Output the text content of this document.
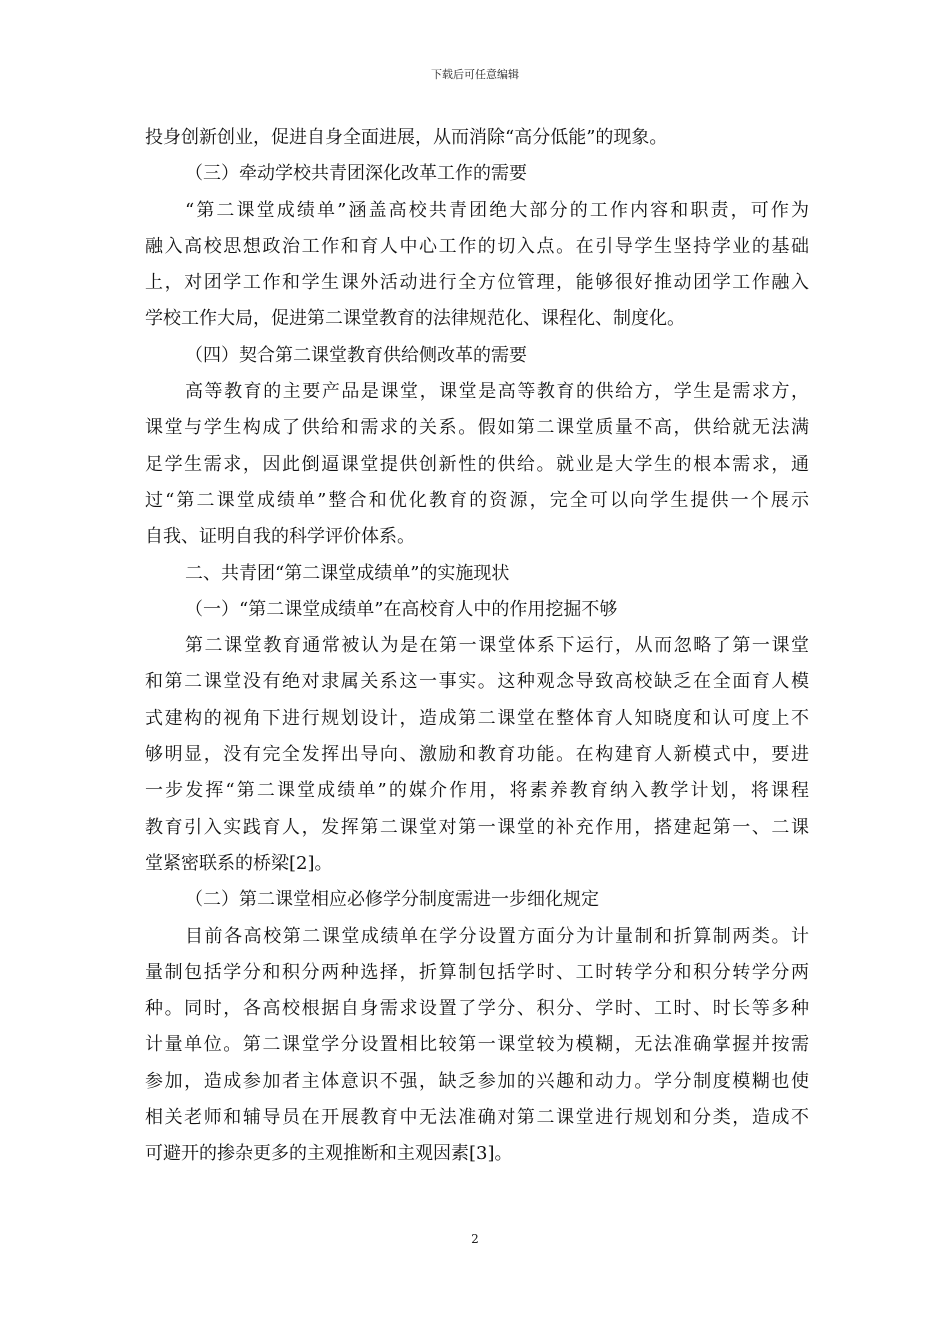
下载后可任意编辑
投身创新创业，促进自身全面进展，从而消除“高分低能”的现象。
（三）牵动学校共青团深化改革工作的需要
“第二课堂成绩单”涵盖高校共青团绝大部分的工作内容和职责，可作为
融入高校思想政治工作和育人中心工作的切入点。在引导学生坚持学业的基础
上，对团学工作和学生课外活动进行全方位管理，能够很好推动团学工作融入
学校工作大局，促进第二课堂教育的法律规范化、课程化、制度化。
（四）契合第二课堂教育供给侧改革的需要
高等教育的主要产品是课堂，课堂是高等教育的供给方，学生是需求方，
课堂与学生构成了供给和需求的关系。假如第二课堂质量不高，供给就无法满
足学生需求，因此倒逼课堂提供创新性的供给。就业是大学生的根本需求，通
过“第二课堂成绩单”整合和优化教育的资源，完全可以向学生提供一个展示
自我、证明自我的科学评价体系。
二、共青团“第二课堂成绩单”的实施现状
（一）“第二课堂成绩单”在高校育人中的作用挖掘不够
第二课堂教育通常被认为是在第一课堂体系下运行，从而忽略了第一课堂
和第二课堂没有绝对隶属关系这一事实。这种观念导致高校缺乏在全面育人模
式建构的视角下进行规划设计，造成第二课堂在整体育人知晓度和认可度上不
够明显，没有完全发挥出导向、激励和教育功能。在构建育人新模式中，要进
一步发挥“第二课堂成绩单”的媒介作用，将素养教育纳入教学计划，将课程
教育引入实践育人，发挥第二课堂对第一课堂的补充作用，搭建起第一、二课
堂紧密联系的桥梁[2]。
（二）第二课堂相应必修学分制度需进一步细化规定
目前各高校第二课堂成绩单在学分设置方面分为计量制和折算制两类。计
量制包括学分和积分两种选择，折算制包括学时、工时转学分和积分转学分两
种。同时，各高校根据自身需求设置了学分、积分、学时、工时、时长等多种
计量单位。第二课堂学分设置相比较第一课堂较为模糊，无法准确掌握并按需
参加，造成参加者主体意识不强，缺乏参加的兴趣和动力。学分制度模糊也使
相关老师和辅导员在开展教育中无法准确对第二课堂进行规划和分类，造成不
可避开的掺杂更多的主观推断和主观因素[3]。
2
